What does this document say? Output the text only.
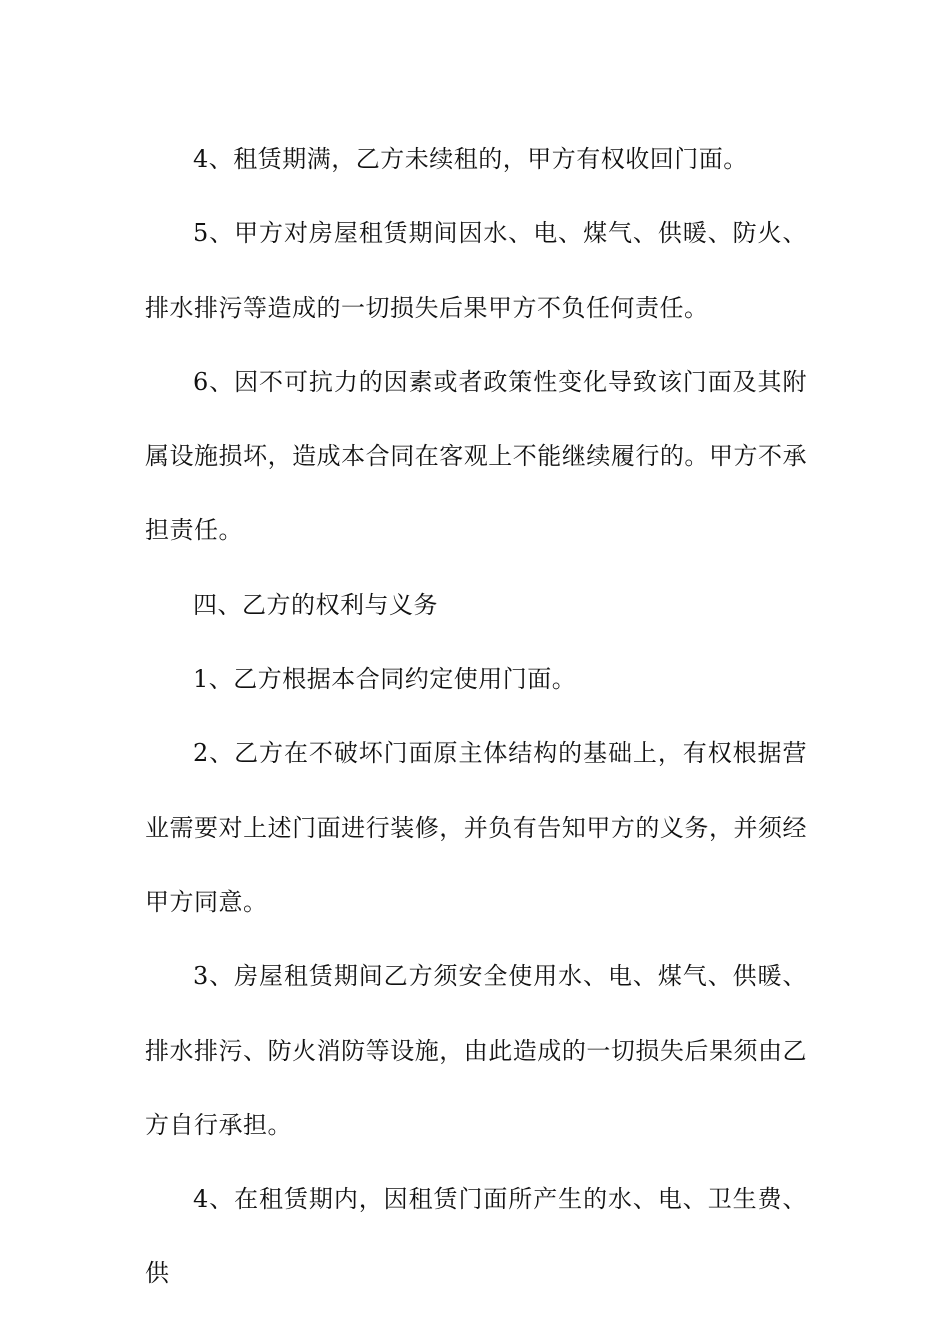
4、租赁期满，乙方未续租的，甲方有权收回门面。

5、甲方对房屋租赁期间因水、电、煤气、供暖、防火、排水排污等造成的一切损失后果甲方不负任何责任。

6、因不可抗力的因素或者政策性变化导致该门面及其附属设施损坏，造成本合同在客观上不能继续履行的。甲方不承担责任。

四、乙方的权利与义务

1、乙方根据本合同约定使用门面。

2、乙方在不破坏门面原主体结构的基础上，有权根据营业需要对上述门面进行装修，并负有告知甲方的义务，并须经甲方同意。

3、房屋租赁期间乙方须安全使用水、电、煤气、供暖、排水排污、防火消防等设施，由此造成的一切损失后果须由乙方自行承担。

4、在租赁期内，因租赁门面所产生的水、电、卫生费、供
